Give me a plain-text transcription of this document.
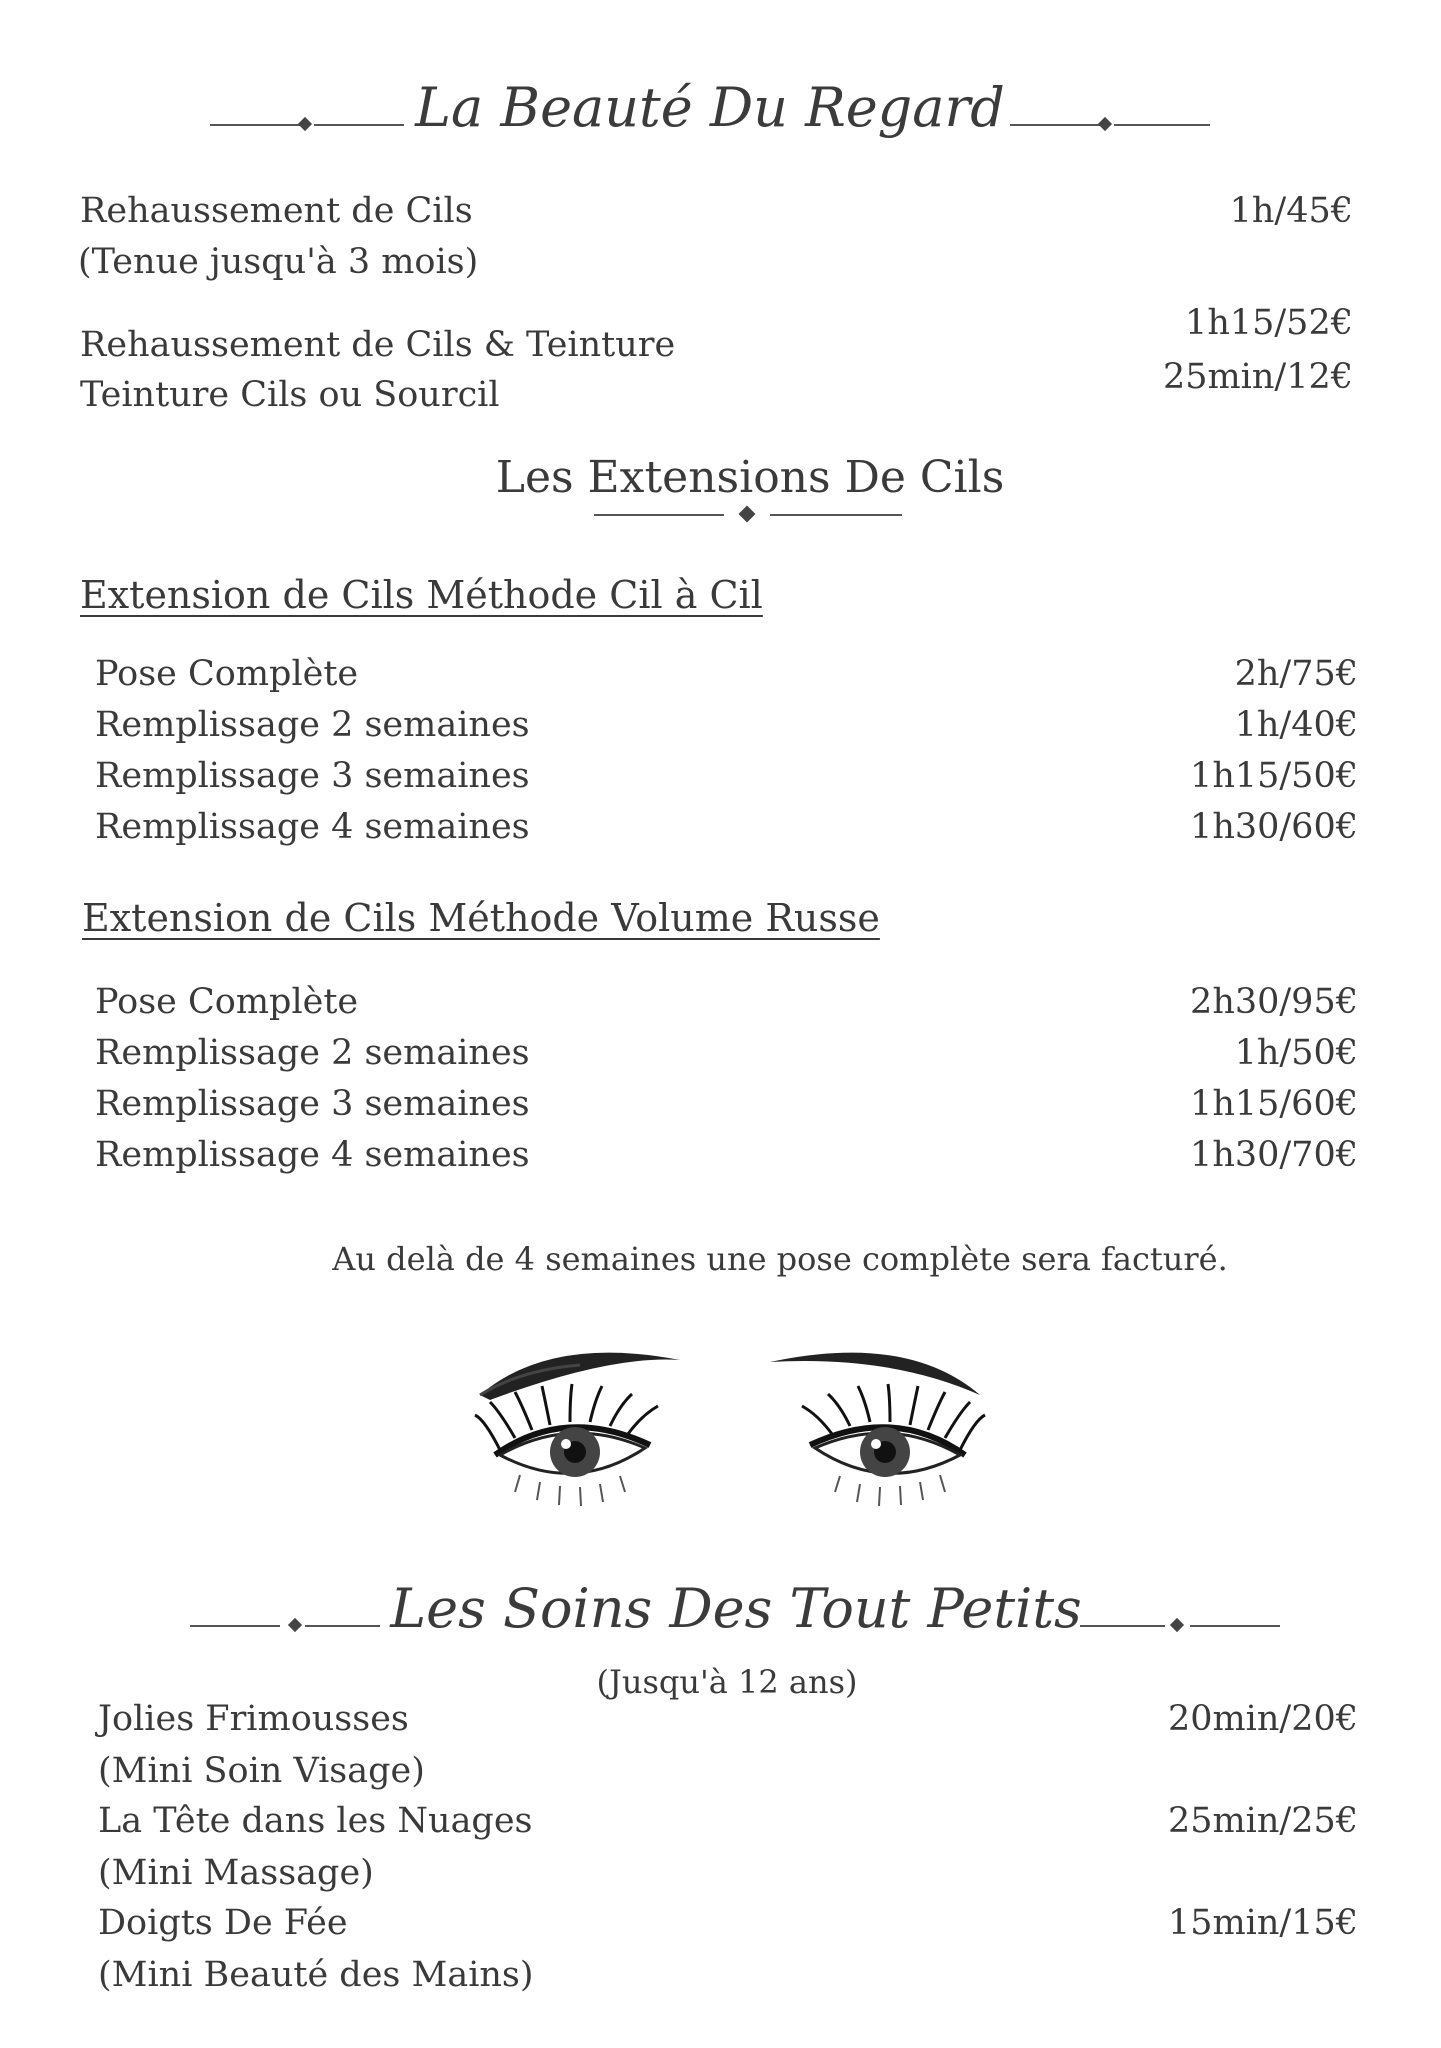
La Beauté Du Regard
Rehaussement de Cils
(Tenue jusqu'à 3 mois)
1h/45€
Rehaussement de Cils & Teinture
1h15/52€
Teinture Cils ou Sourcil	25min/12€
Les Extensions De Cils
Extension de Cils Méthode Cil à Cil
Pose Complète	2h/75€
Remplissage 2 semaines	1h/40€
Remplissage 3 semaines	1h15/50€
Remplissage 4 semaines	1h30/60€
Extension de Cils Méthode Volume Russe
Pose Complète	2h30/95€
Remplissage 2 semaines	1h/50€
Remplissage 3 semaines	1h15/60€
Remplissage 4 semaines	1h30/70€
Au delà de 4 semaines une pose complète sera facturé.
Les Soins Des Tout Petits
(Jusqu'à 12 ans)
Jolies Frimousses
(Mini Soin Visage)
20min/20€
La Tête dans les Nuages
(Mini Massage)
25min/25€
Doigts De Fée
(Mini Beauté des Mains)
15min/15€
